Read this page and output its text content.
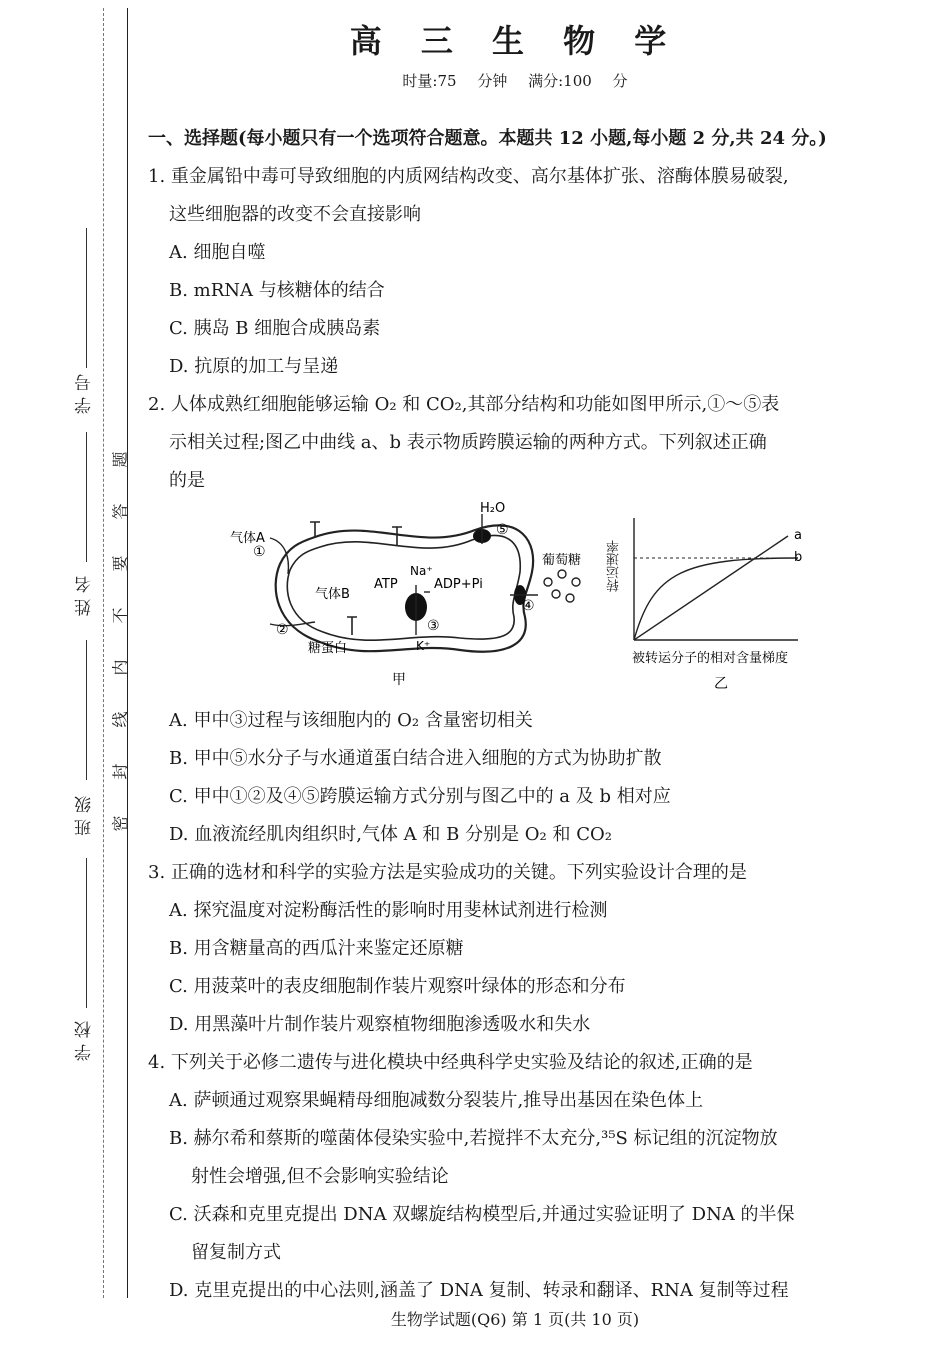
学号
姓名
班级
学校
题
答
要
不
内
线
封
密
高 三 生 物 学
时量:75 分钟 满分:100 分
一、选择题(每小题只有一个选项符合题意。本题共 12 小题,每小题 2 分,共 24 分。)
1. 重金属铅中毒可导致细胞的内质网结构改变、高尔基体扩张、溶酶体膜易破裂,
这些细胞器的改变不会直接影响
A. 细胞自噬
B. mRNA 与核糖体的结合
C. 胰岛 B 细胞合成胰岛素
D. 抗原的加工与呈递
2. 人体成熟红细胞能够运输 O₂ 和 CO₂,其部分结构和功能如图甲所示,①～⑤表
示相关过程;图乙中曲线 a、b 表示物质跨膜运输的两种方式。下列叙述正确
的是
A. 甲中③过程与该细胞内的 O₂ 含量密切相关
B. 甲中⑤水分子与水通道蛋白结合进入细胞的方式为协助扩散
C. 甲中①②及④⑤跨膜运输方式分别与图乙中的 a 及 b 相对应
D. 血液流经肌肉组织时,气体 A 和 B 分别是 O₂ 和 CO₂
3. 正确的选材和科学的实验方法是实验成功的关键。下列实验设计合理的是
A. 探究温度对淀粉酶活性的影响时用斐林试剂进行检测
B. 用含糖量高的西瓜汁来鉴定还原糖
C. 用菠菜叶的表皮细胞制作装片观察叶绿体的形态和分布
D. 用黑藻叶片制作装片观察植物细胞渗透吸水和失水
4. 下列关于必修二遗传与进化模块中经典科学史实验及结论的叙述,正确的是
A. 萨顿通过观察果蝇精母细胞减数分裂装片,推导出基因在染色体上
B. 赫尔希和蔡斯的噬菌体侵染实验中,若搅拌不太充分,³⁵S 标记组的沉淀物放
射性会增强,但不会影响实验结论
C. 沃森和克里克提出 DNA 双螺旋结构模型后,并通过实验证明了 DNA 的半保
留复制方式
D. 克里克提出的中心法则,涵盖了 DNA 复制、转录和翻译、RNA 复制等过程
气体A
①
气体B
②
糖蛋白
Na⁺
ATP	ADP+Pi
③
K⁺
H₂O
⑤
葡萄糖
④
甲
a
b
被转运分子的相对含量梯度
乙
转运速率
生物学试题(Q6) 第 1 页(共 10 页)
